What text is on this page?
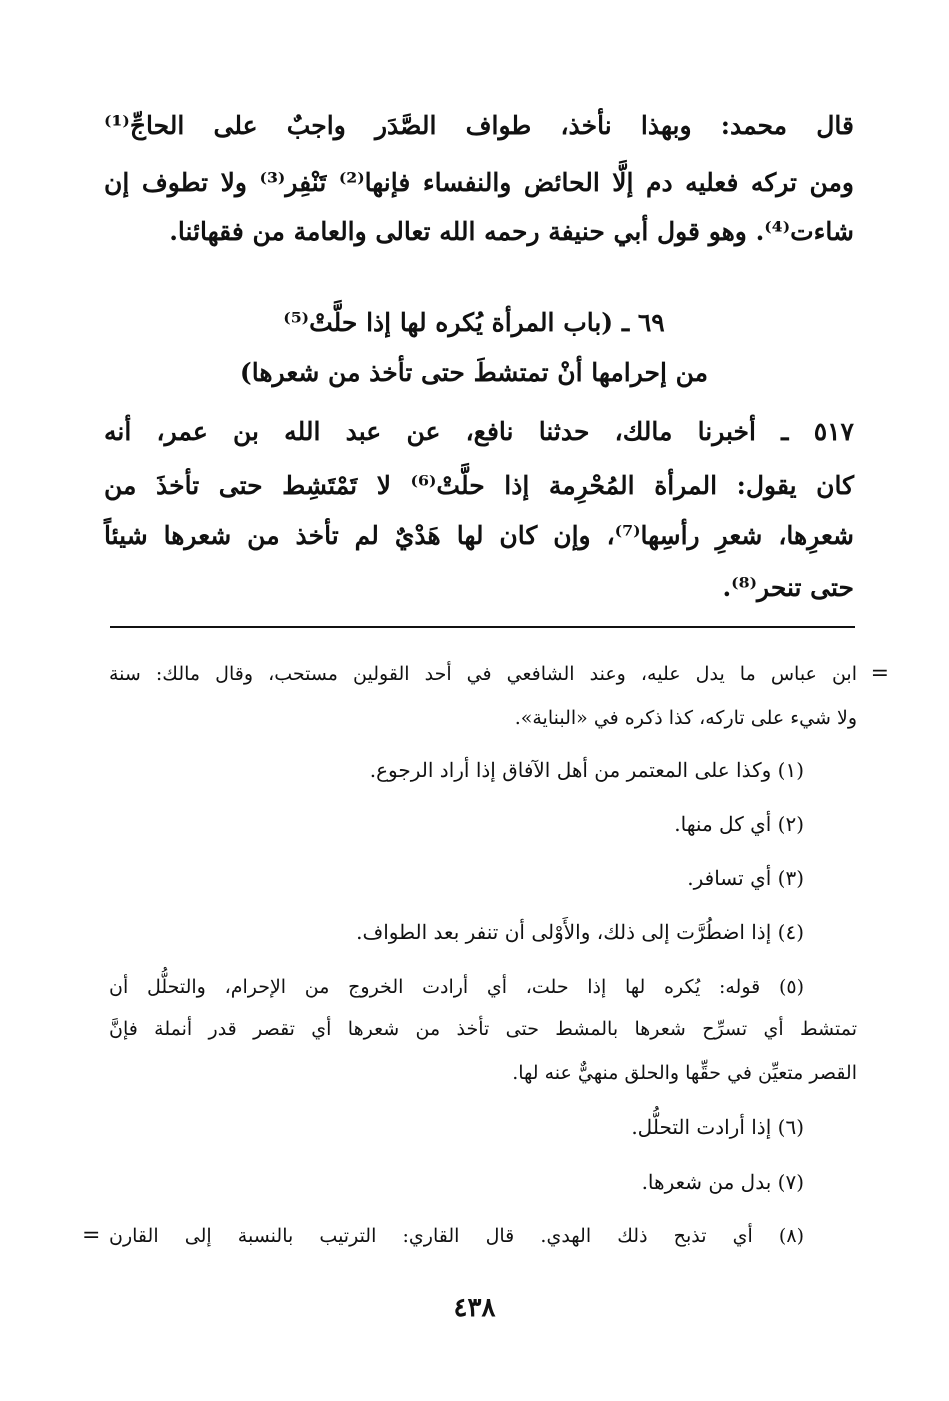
قال محمد: وبهذا نأخذ، طواف الصَّدَر واجبٌ على الحاجِّ⁽¹⁾
ومن تركه فعليه دم إلَّا الحائض والنفساء فإنها⁽²⁾ تَنْفِر⁽³⁾ ولا تطوف إن
شاءت⁽⁴⁾. وهو قول أبي حنيفة رحمه الله تعالى والعامة من فقهائنا.
٦٩ ـ (باب المرأة يُكره لها إذا حلَّتْ⁽⁵⁾
من إحرامها أنْ تمتشطَ حتى تأخذ من شعرها)
٥١٧ ـ أخبرنا مالك، حدثنا نافع، عن عبد الله بن عمر، أنه
كان يقول: المرأة المُحْرِمة إذا حلَّتْ⁽⁶⁾ لا تَمْتَشِط حتى تأخذَ من
شعرِها، شعرِ رأسِها⁽⁷⁾، وإن كان لها هَدْيٌ لم تأخذ من شعرها شيئاً
حتى تنحر⁽⁸⁾.
=
ابن عباس ما يدل عليه، وعند الشافعي في أحد القولين مستحب، وقال مالك: سنة
ولا شيء على تاركه، كذا ذكره في «البناية».
(١) وكذا على المعتمر من أهل الآفاق إذا أراد الرجوع.
(٢) أي كل منها.
(٣) أي تسافر.
(٤) إذا اضطُرَّت إلى ذلك، والأَوْلى أن تنفر بعد الطواف.
(٥) قوله: يُكره لها إذا حلت، أي أرادت الخروج من الإحرام، والتحلُّل أن
تمتشط أي تسرِّح شعرها بالمشط حتى تأخذ من شعرها أي تقصر قدر أنملة فإنَّ
القصر متعيِّن في حقِّها والحلق منهيٌّ عنه لها.
(٦) إذا أرادت التحلُّل.
(٧) بدل من شعرها.
(٨) أي تذبح ذلك الهدي. قال القاري: الترتيب بالنسبة إلى القارن
=
٤٣٨
